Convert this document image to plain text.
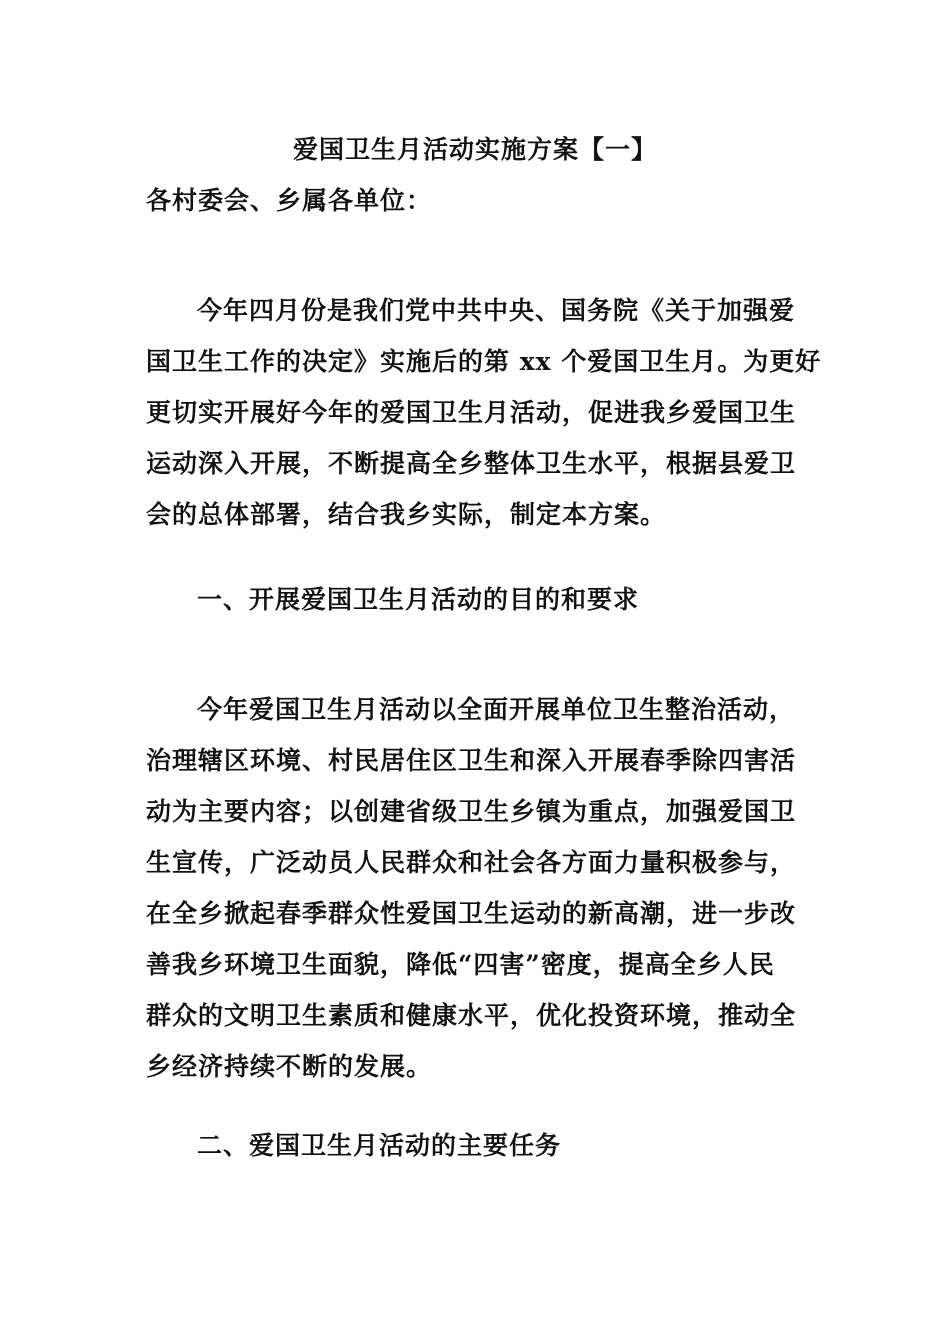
爱国卫生月活动实施方案【一】
各村委会、乡属各单位：
今年四月份是我们党中共中央、国务院《关于加强爱
国卫生工作的决定》实施后的第 xx 个爱国卫生月。为更好
更切实开展好今年的爱国卫生月活动，促进我乡爱国卫生
运动深入开展，不断提高全乡整体卫生水平，根据县爱卫
会的总体部署，结合我乡实际，制定本方案。
一、开展爱国卫生月活动的目的和要求
今年爱国卫生月活动以全面开展单位卫生整治活动，
治理辖区环境、村民居住区卫生和深入开展春季除四害活
动为主要内容；以创建省级卫生乡镇为重点，加强爱国卫
生宣传，广泛动员人民群众和社会各方面力量积极参与，
在全乡掀起春季群众性爱国卫生运动的新高潮，进一步改
善我乡环境卫生面貌，降低“四害”密度，提高全乡人民
群众的文明卫生素质和健康水平，优化投资环境，推动全
乡经济持续不断的发展。
二、爱国卫生月活动的主要任务
